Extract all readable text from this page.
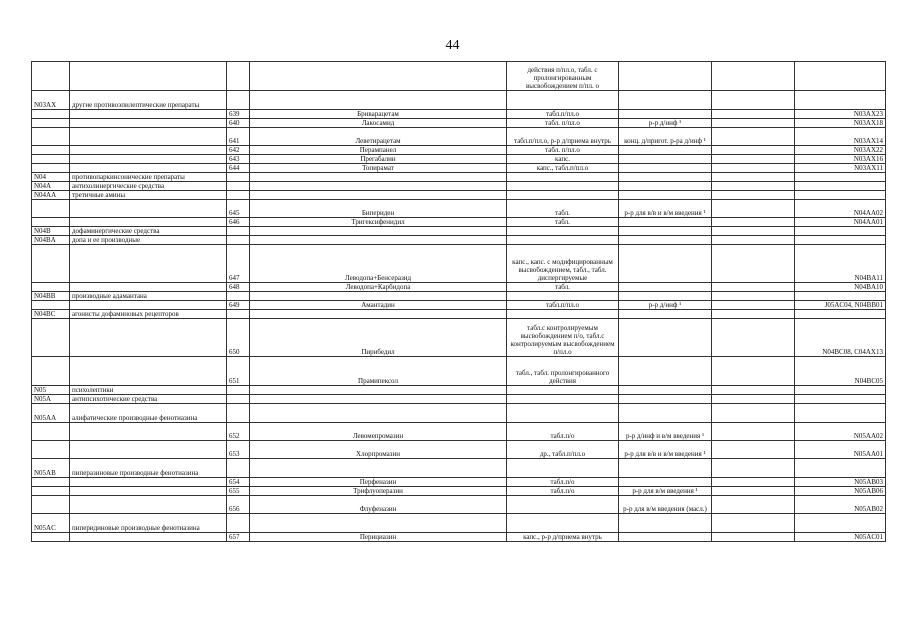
44
				действия п/пл.о, табл. с пролонгированным высвобождением п/пл. о			
N03AX	другие противоэпилептические препараты						
		639	Бриварацетам	табл.п/пл.о			N03AX23
		640	Лакосамид	табл. п/пл.о	р-р д/инф ¹		N03AX18
		641	Леветирацетам	табл.п/пл.о, р-р д/приема внутрь	конц. д/пригот. р-ра д/инф ¹		N03AX14
		642	Перампанел	табл. п/пл.о			N03AX22
		643	Прегабалин	капс.			N03AX16
		644	Топирамат	капс., табл.п/пл.о			N03AX11
N04	противопаркинсонические препараты						
N04A	антихолинергические средства						
N04AA	третичные амины						
		645	Бипериден	табл.	р-р для в/в и в/м введения ¹		N04AA02
		646	Тригексифенидил	табл.			N04AA01
N04B	дофаминергические средства						
N04BA	допа и ее производные						
		647	Леводопа+Бенсеразид	капс., капс. с модифицированным высвобождением, табл., табл. диспергируемые			N04BA11
		648	Леводопа+Карбидопа	табл.			N04BA10
N04BB	производные адамантана						
		649	Амантадин	табл.п/пл.о	р-р д/инф ¹		J05AC04, N04BB01
N04BC	агонисты дофаминовых рецепторов						
		650	Пирибедил	табл.с контролируемым высвобождением п/о, табл.с контролируемым высвобождением п/пл.о			N04BC08, C04AX13
		651	Прамипексол	табл., табл. пролонгированного действия			N04BC05
N05	психолептики						
N05A	антипсихотические средства						
N05AA	алифатические производные фенотиазина						
		652	Левомепромазин	табл.п/о	р-р д/инф и в/м введения ¹		N05AA02
		653	Хлорпромазин	др., табл.п/пл.о	р-р для в/в и в/м введения ¹		N05AA01
N05AB	пиперазиновые производные фенотиазина						
		654	Перфеназин	табл.п/о			N05AB03
		655	Трифлуоперазин	табл.п/о	р-р для в/м введения ¹		N05AB06
		656	Флуфеназин		р-р для в/м введения (масл.)		N05AB02
N05AC	пиперидиновые производные фенотиазина						
		657	Перициазин	капс., р-р д/приема внутрь			N05AC01
